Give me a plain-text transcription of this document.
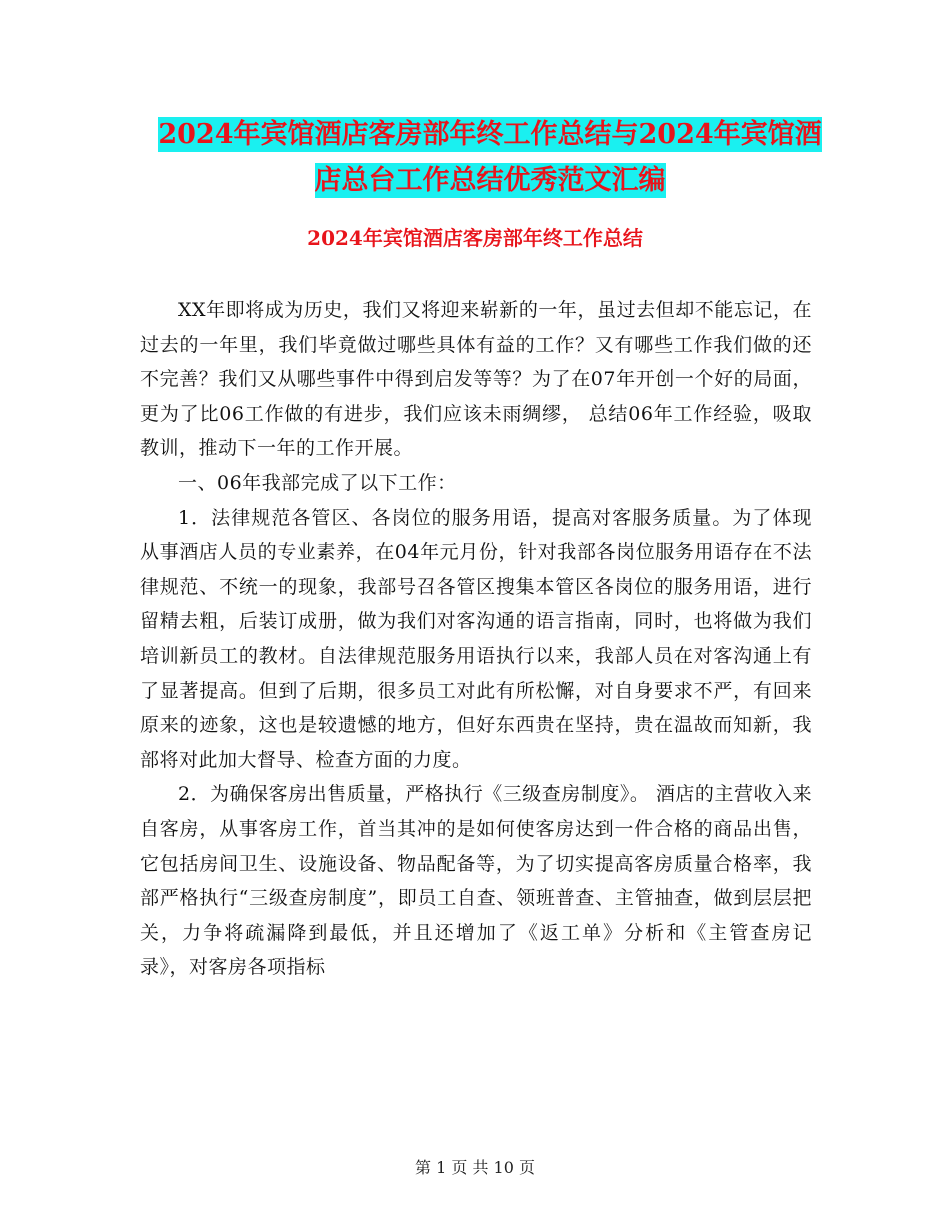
2024年宾馆酒店客房部年终工作总结与2024年宾馆酒
店总台工作总结优秀范文汇编
2024年宾馆酒店客房部年终工作总结

XX年即将成为历史，我们又将迎来崭新的一年，虽过去但却不能忘记，在过去的一年里，我们毕竟做过哪些具体有益的工作？又有哪些工作我们做的还不完善？我们又从哪些事件中得到启发等等？为了在07年开创一个好的局面，更为了比06工作做的有进步，我们应该未雨绸缪， 总结06年工作经验，吸取教训，推动下一年的工作开展。

一、06年我部完成了以下工作：

1．法律规范各管区、各岗位的服务用语，提高对客服务质量。为了体现从事酒店人员的专业素养，在04年元月份，针对我部各岗位服务用语存在不法律规范、不统一的现象，我部号召各管区搜集本管区各岗位的服务用语，进行留精去粗，后装订成册，做为我们对客沟通的语言指南，同时，也将做为我们培训新员工的教材。自法律规范服务用语执行以来，我部人员在对客沟通上有了显著提高。但到了后期，很多员工对此有所松懈，对自身要求不严，有回来原来的迹象，这也是较遗憾的地方，但好东西贵在坚持，贵在温故而知新，我部将对此加大督导、检查方面的力度。

2．为确保客房出售质量，严格执行《三级查房制度》。 酒店的主营收入来自客房，从事客房工作，首当其冲的是如何使客房达到一件合格的商品出售，它包括房间卫生、设施设备、物品配备等，为了切实提高客房质量合格率，我部严格执行“三级查房制度”，即员工自查、领班普查、主管抽查，做到层层把关，力争将疏漏降到最低，并且还增加了《返工单》分析和《主管查房记录》，对客房各项指标

第 1 页 共 10 页
